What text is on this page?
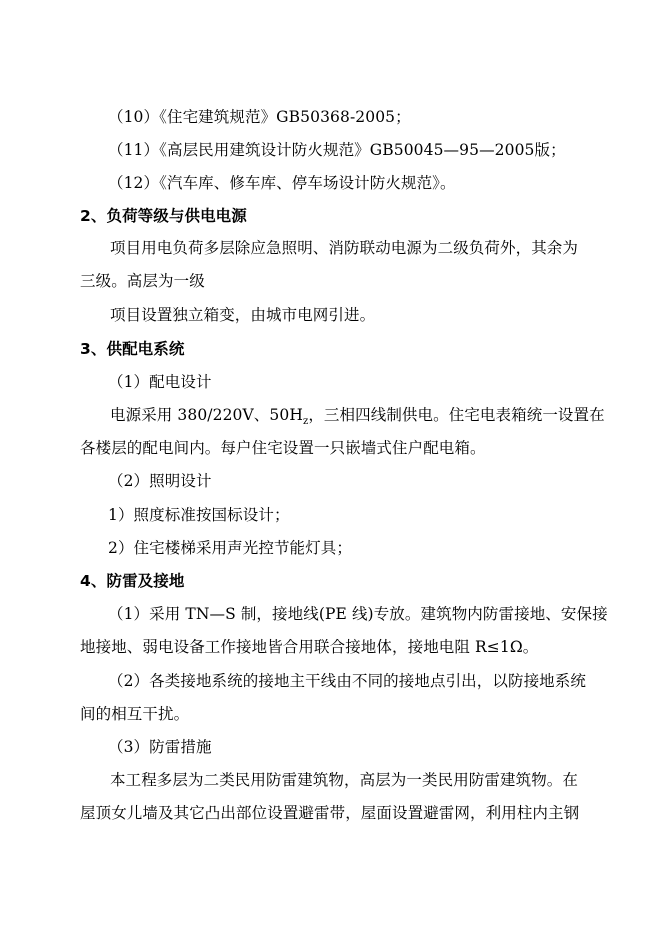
（10）《住宅建筑规范》GB50368-2005；
（11）《高层民用建筑设计防火规范》GB50045—95—2005版；
（12）《汽车库、修车库、停车场设计防火规范》。
2、负荷等级与供电电源
项目用电负荷多层除应急照明、消防联动电源为二级负荷外，其余为
三级。高层为一级
项目设置独立箱变，由城市电网引进。
3、供配电系统
（1）配电设计
电源采用 380/220V、$50H_z$，三相四线制供电。住宅电表箱统一设置在
各楼层的配电间内。每户住宅设置一只嵌墙式住户配电箱。
（2）照明设计
1）照度标准按国标设计；
2）住宅楼梯采用声光控节能灯具；
4、防雷及接地
（1）采用 TN—S 制，接地线(PE 线)专放。建筑物内防雷接地、安保接
地接地、弱电设备工作接地皆合用联合接地体，接地电阻 R≤1Ω。
（2）各类接地系统的接地主干线由不同的接地点引出，以防接地系统
间的相互干扰。
（3）防雷措施
本工程多层为二类民用防雷建筑物，高层为一类民用防雷建筑物。在
屋顶女儿墙及其它凸出部位设置避雷带，屋面设置避雷网，利用柱内主钢
